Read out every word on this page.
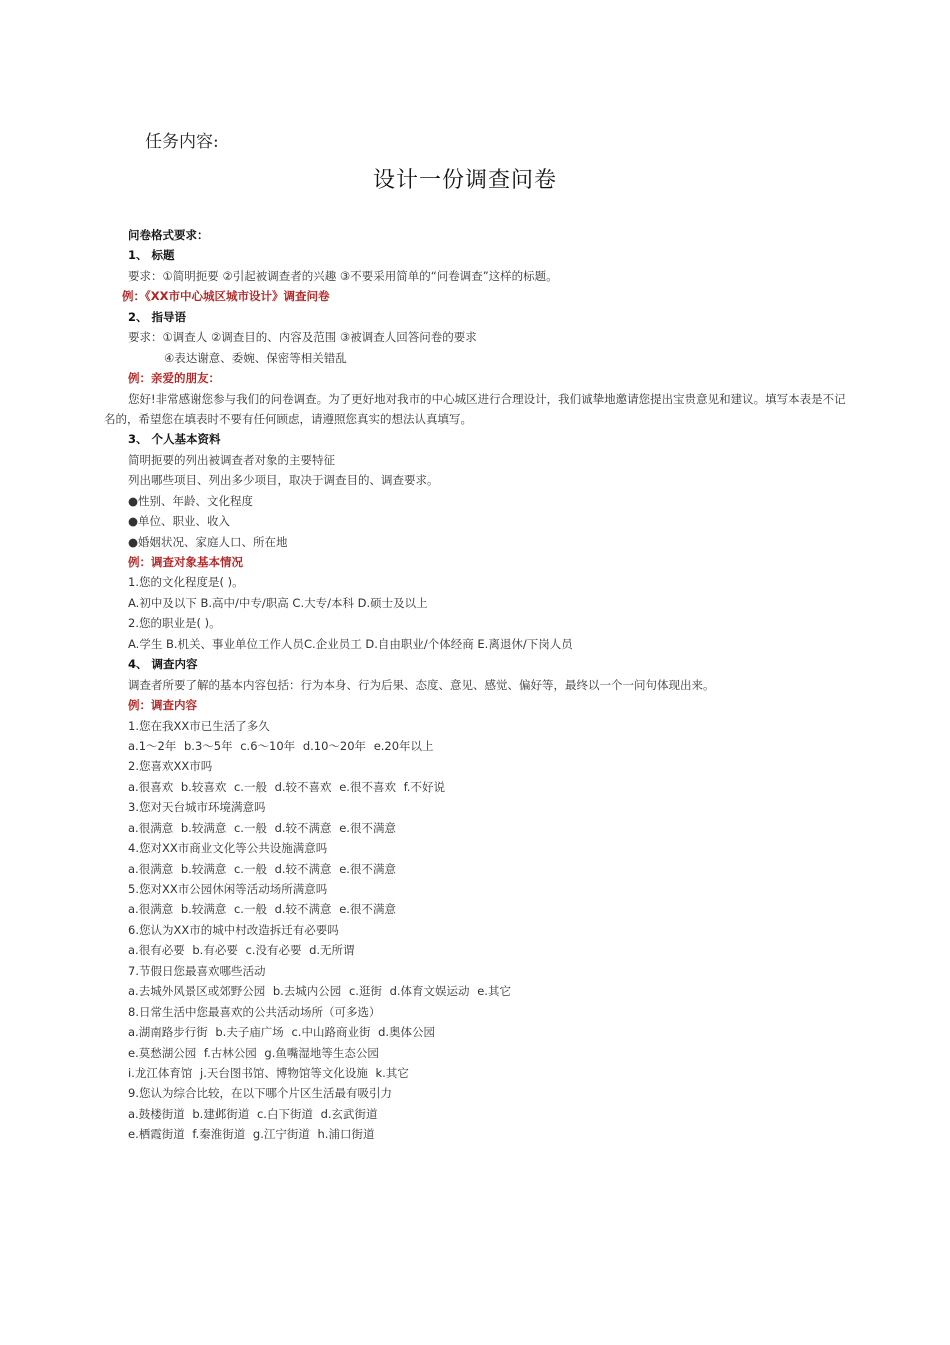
任务内容:
设计一份调查问卷
问卷格式要求：
1、 标题
要求：①简明扼要 ②引起被调查者的兴趣 ③不要采用简单的“问卷调查”这样的标题。
例：《XX市中心城区城市设计》调查问卷
2、 指导语
要求：①调查人 ②调查目的、内容及范围 ③被调查人回答问卷的要求
④表达谢意、委婉、保密等相关错乱
例：亲爱的朋友：
您好!非常感谢您参与我们的问卷调查。为了更好地对我市的中心城区进行合理设计，我们诚挚地邀请您提出宝贵意见和建议。填写本表是不记名的，希望您在填表时不要有任何顾虑，请遵照您真实的想法认真填写。
3、 个人基本资料
简明扼要的列出被调查者对象的主要特征
列出哪些项目、列出多少项目，取决于调查目的、调查要求。
●性别、年龄、文化程度
●单位、职业、收入
●婚姻状况、家庭人口、所在地
例：调查对象基本情况
1.您的文化程度是( )。
A.初中及以下 B.高中/中专/职高 C.大专/本科 D.硕士及以上
2.您的职业是( )。
A.学生 B.机关、事业单位工作人员C.企业员工 D.自由职业/个体经商 E.离退休/下岗人员
4、 调查内容
调查者所要了解的基本内容包括：行为本身、行为后果、态度、意见、感觉、偏好等，最终以一个一问句体现出来。
例：调查内容
1.您在我XX市已生活了多久
a.1～2年 b.3～5年 c.6～10年 d.10～20年 e.20年以上
2.您喜欢XX市吗
a.很喜欢 b.较喜欢 c.一般 d.较不喜欢 e.很不喜欢 f.不好说
3.您对天台城市环境满意吗
a.很满意 b.较满意 c.一般 d.较不满意 e.很不满意
4.您对XX市商业文化等公共设施满意吗
a.很满意 b.较满意 c.一般 d.较不满意 e.很不满意
5.您对XX市公园休闲等活动场所满意吗
a.很满意 b.较满意 c.一般 d.较不满意 e.很不满意
6.您认为XX市的城中村改造拆迁有必要吗
a.很有必要 b.有必要 c.没有必要 d.无所谓
7.节假日您最喜欢哪些活动
a.去城外风景区或郊野公园 b.去城内公园 c.逛街 d.体育文娱运动 e.其它
8.日常生活中您最喜欢的公共活动场所（可多选）
a.湖南路步行街 b.夫子庙广场 c.中山路商业街 d.奥体公园
e.莫愁湖公园 f.古林公园 g.鱼嘴湿地等生态公园
i.龙江体育馆 j.天台图书馆、博物馆等文化设施 k.其它
9.您认为综合比较，在以下哪个片区生活最有吸引力
a.鼓楼街道 b.建邺街道 c.白下街道 d.玄武街道
e.栖霞街道 f.秦淮街道 g.江宁街道 h.浦口街道
